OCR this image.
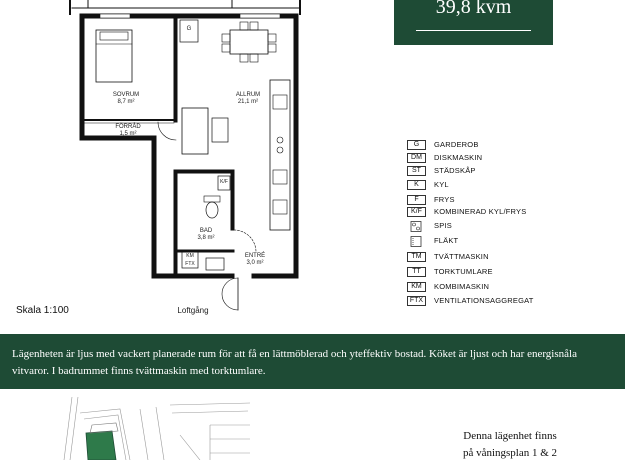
SOVRUM
8,7 m²
ALLRUM
21,1 m²
FÖRRÅD
1,5 m²
BAD
3,8 m²
ENTRÉ
3,0 m²
G
K/F
KM
FTX
Loftgång
Skala 1:100
39,8 kvm
G	GARDEROB
DM	DISKMASKIN
ST	STÄDSKÅP
K	KYL
F	FRYS
K/F	KOMBINERAD KYL/FRYS
SPIS
FLÄKT
TM	TVÄTTMASKIN
TT	TORKTUMLARE
KM	KOMBIMASKIN
FTX	VENTILATIONSAGGREGAT
Lägenheten är ljus med vackert planerade rum för att få en lättmöblerad och yteffektiv bostad. Köket är ljust och har energisnåla vitvaror. I badrummet finns tvättmaskin med torktumlare.
Denna lägenhet finns
på våningsplan 1 & 2
